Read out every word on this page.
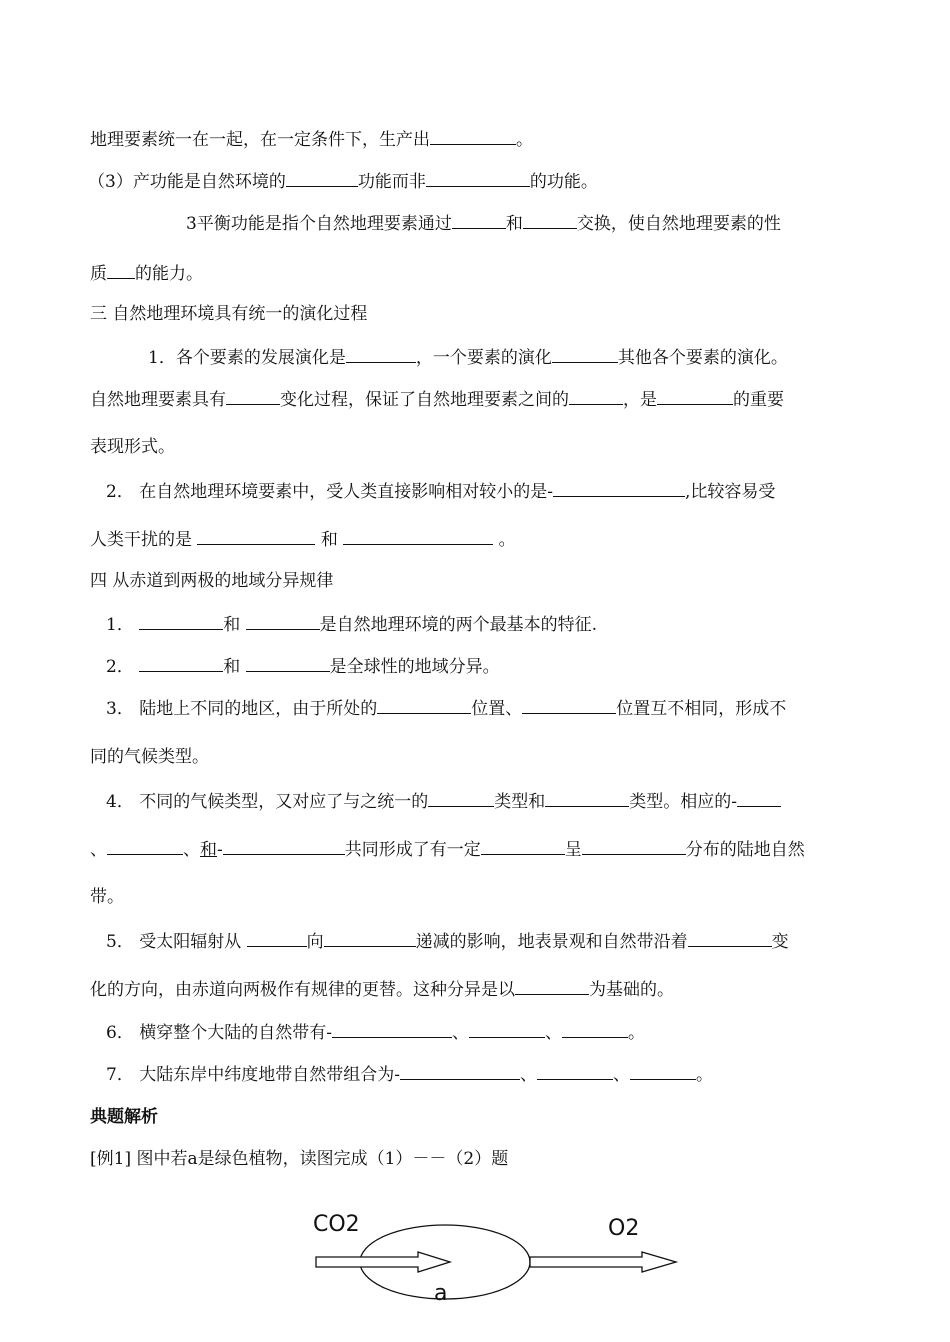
地理要素统一在一起，在一定条件下，生产出	。
（3）产功能是自然环境的	功能而非	的功能。
3平衡功能是指个自然地理要素通过	和	交换，使自然地理要素的性
质 的能力。
三 自然地理环境具有统一的演化过程
1．各个要素的发展演化是	，一个要素的演化	其他各个要素的演化。
自然地理要素具有	变化过程，保证了自然地理要素之间的	，是	的重要
表现形式。
2． 在自然地理环境要素中，受人类直接影响相对较小的是-	,比较容易受
人类干扰的是	和	。
四 从赤道到两极的地域分异规律
1．	和	是自然地理环境的两个最基本的特征.
2．	和	是全球性的地域分异。
3． 陆地上不同的地区，由于所处的	位置、	位置互不相同，形成不
同的气候类型。
4． 不同的气候类型，又对应了与之统一的	类型和	类型。相应的-
、	、和-	共同形成了有一定	呈	分布的陆地自然
带。
5． 受太阳辐射从	向	递减的影响，地表景观和自然带沿着	变
化的方向，由赤道向两极作有规律的更替。这种分异是以	为基础的。
6． 横穿整个大陆的自然带有-	、	、	。
7． 大陆东岸中纬度地带自然带组合为-	、	、	。
典题解析
[例1] 图中若a是绿色植物，读图完成（1）－－（2）题
CO2	O2
a
